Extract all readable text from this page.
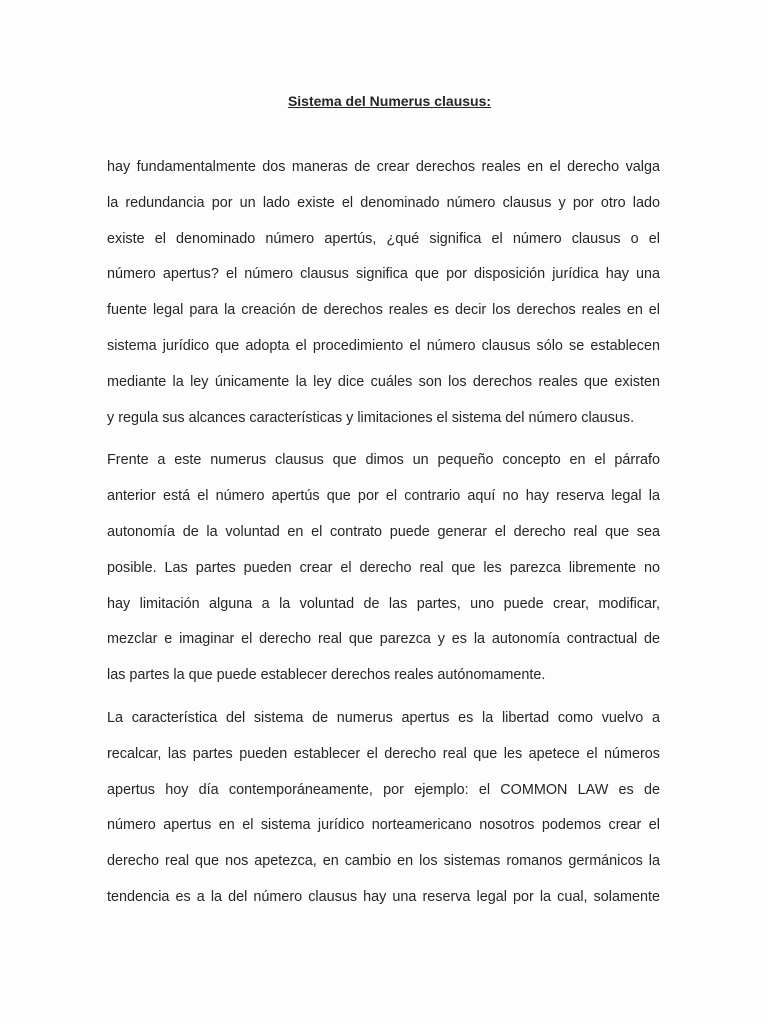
Sistema del Numerus clausus:

hay fundamentalmente dos maneras de crear derechos reales en el derecho valga
la redundancia por un lado existe el denominado número clausus y por otro lado
existe el denominado número apertús, ¿qué significa el número clausus o el
número apertus? el número clausus significa que por disposición jurídica hay una
fuente legal para la creación de derechos reales es decir los derechos reales en el
sistema jurídico que adopta el procedimiento el número clausus sólo se establecen
mediante la ley únicamente la ley dice cuáles son los derechos reales que existen
y regula sus alcances características y limitaciones el sistema del número clausus.

Frente a este numerus clausus que dimos un pequeño concepto en el párrafo
anterior está el número apertús que por el contrario aquí no hay reserva legal la
autonomía de la voluntad en el contrato puede generar el derecho real que sea
posible. Las partes pueden crear el derecho real que les parezca libremente no
hay limitación alguna a la voluntad de las partes, uno puede crear, modificar,
mezclar e imaginar el derecho real que parezca y es la autonomía contractual de
las partes la que puede establecer derechos reales autónomamente.

La característica del sistema de numerus apertus es la libertad como vuelvo a
recalcar, las partes pueden establecer el derecho real que les apetece el números
apertus hoy día contemporáneamente, por ejemplo: el COMMON LAW es de
número apertus en el sistema jurídico norteamericano nosotros podemos crear el
derecho real que nos apetezca, en cambio en los sistemas romanos germánicos la
tendencia es a la del número clausus hay una reserva legal por la cual, solamente
